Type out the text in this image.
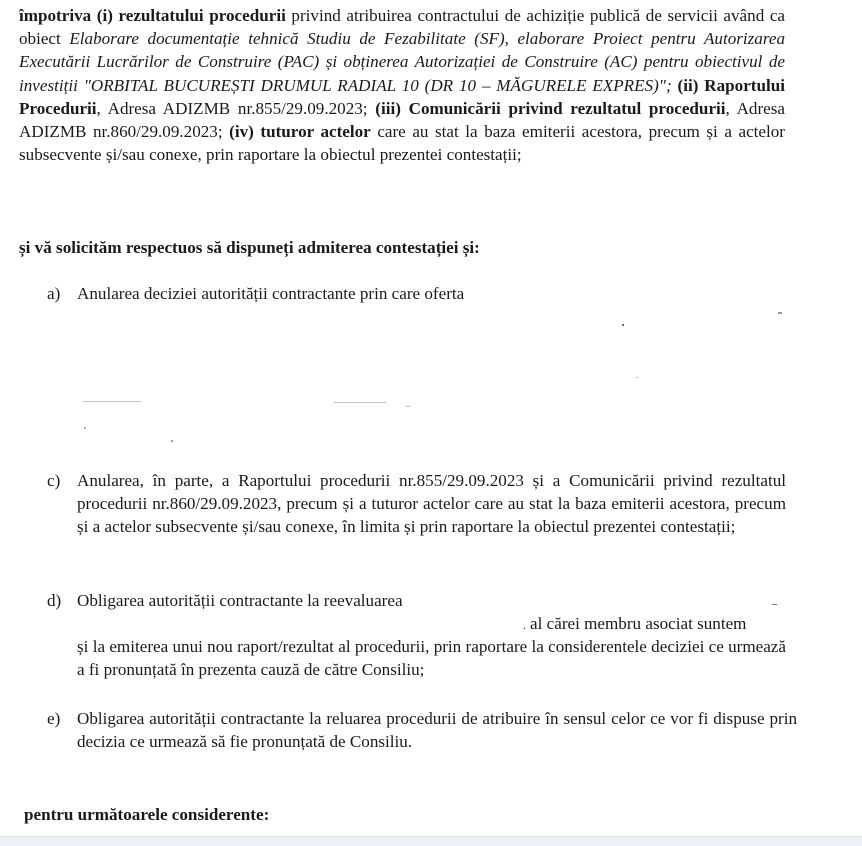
împotriva (i) rezultatului procedurii privind atribuirea contractului de achiziție publică de servicii având ca obiect Elaborare documentație tehnică Studiu de Fezabilitate (SF), elaborare Proiect pentru Autorizarea Executării Lucrărilor de Construire (PAC) și obținerea Autorizației de Construire (AC) pentru obiectivul de investiții "ORBITAL BUCUREȘTI DRUMUL RADIAL 10 (DR 10 – MĂGURELE EXPRES)"; (ii) Raportului Procedurii, Adresa ADIZMB nr.855/29.09.2023; (iii) Comunicării privind rezultatul procedurii, Adresa ADIZMB nr.860/29.09.2023; (iv) tuturor actelor care au stat la baza emiterii acestora, precum și a actelor subsecvente și/sau conexe, prin raportare la obiectul prezentei contestații;

și vă solicităm respectuos să dispuneți admiterea contestației și:

a) Anularea deciziei autorității contractante prin care oferta
c) Anularea, în parte, a Raportului procedurii nr.855/29.09.2023 și a Comunicării privind rezultatul procedurii nr.860/29.09.2023, precum și a tuturor actelor care au stat la baza emiterii acestora, precum și a actelor subsecvente și/sau conexe, în limita și prin raportare la obiectul prezentei contestații;
d) Obligarea autorității contractante la reevaluarea
. al cărei membru asociat suntem
și la emiterea unui nou raport/rezultat al procedurii, prin raportare la considerentele deciziei ce urmează a fi pronunțată în prezenta cauză de către Consiliu;
e) Obligarea autorității contractante la reluarea procedurii de atribuire în sensul celor ce vor fi dispuse prin decizia ce urmează să fie pronunțată de Consiliu.

pentru următoarele considerente:
